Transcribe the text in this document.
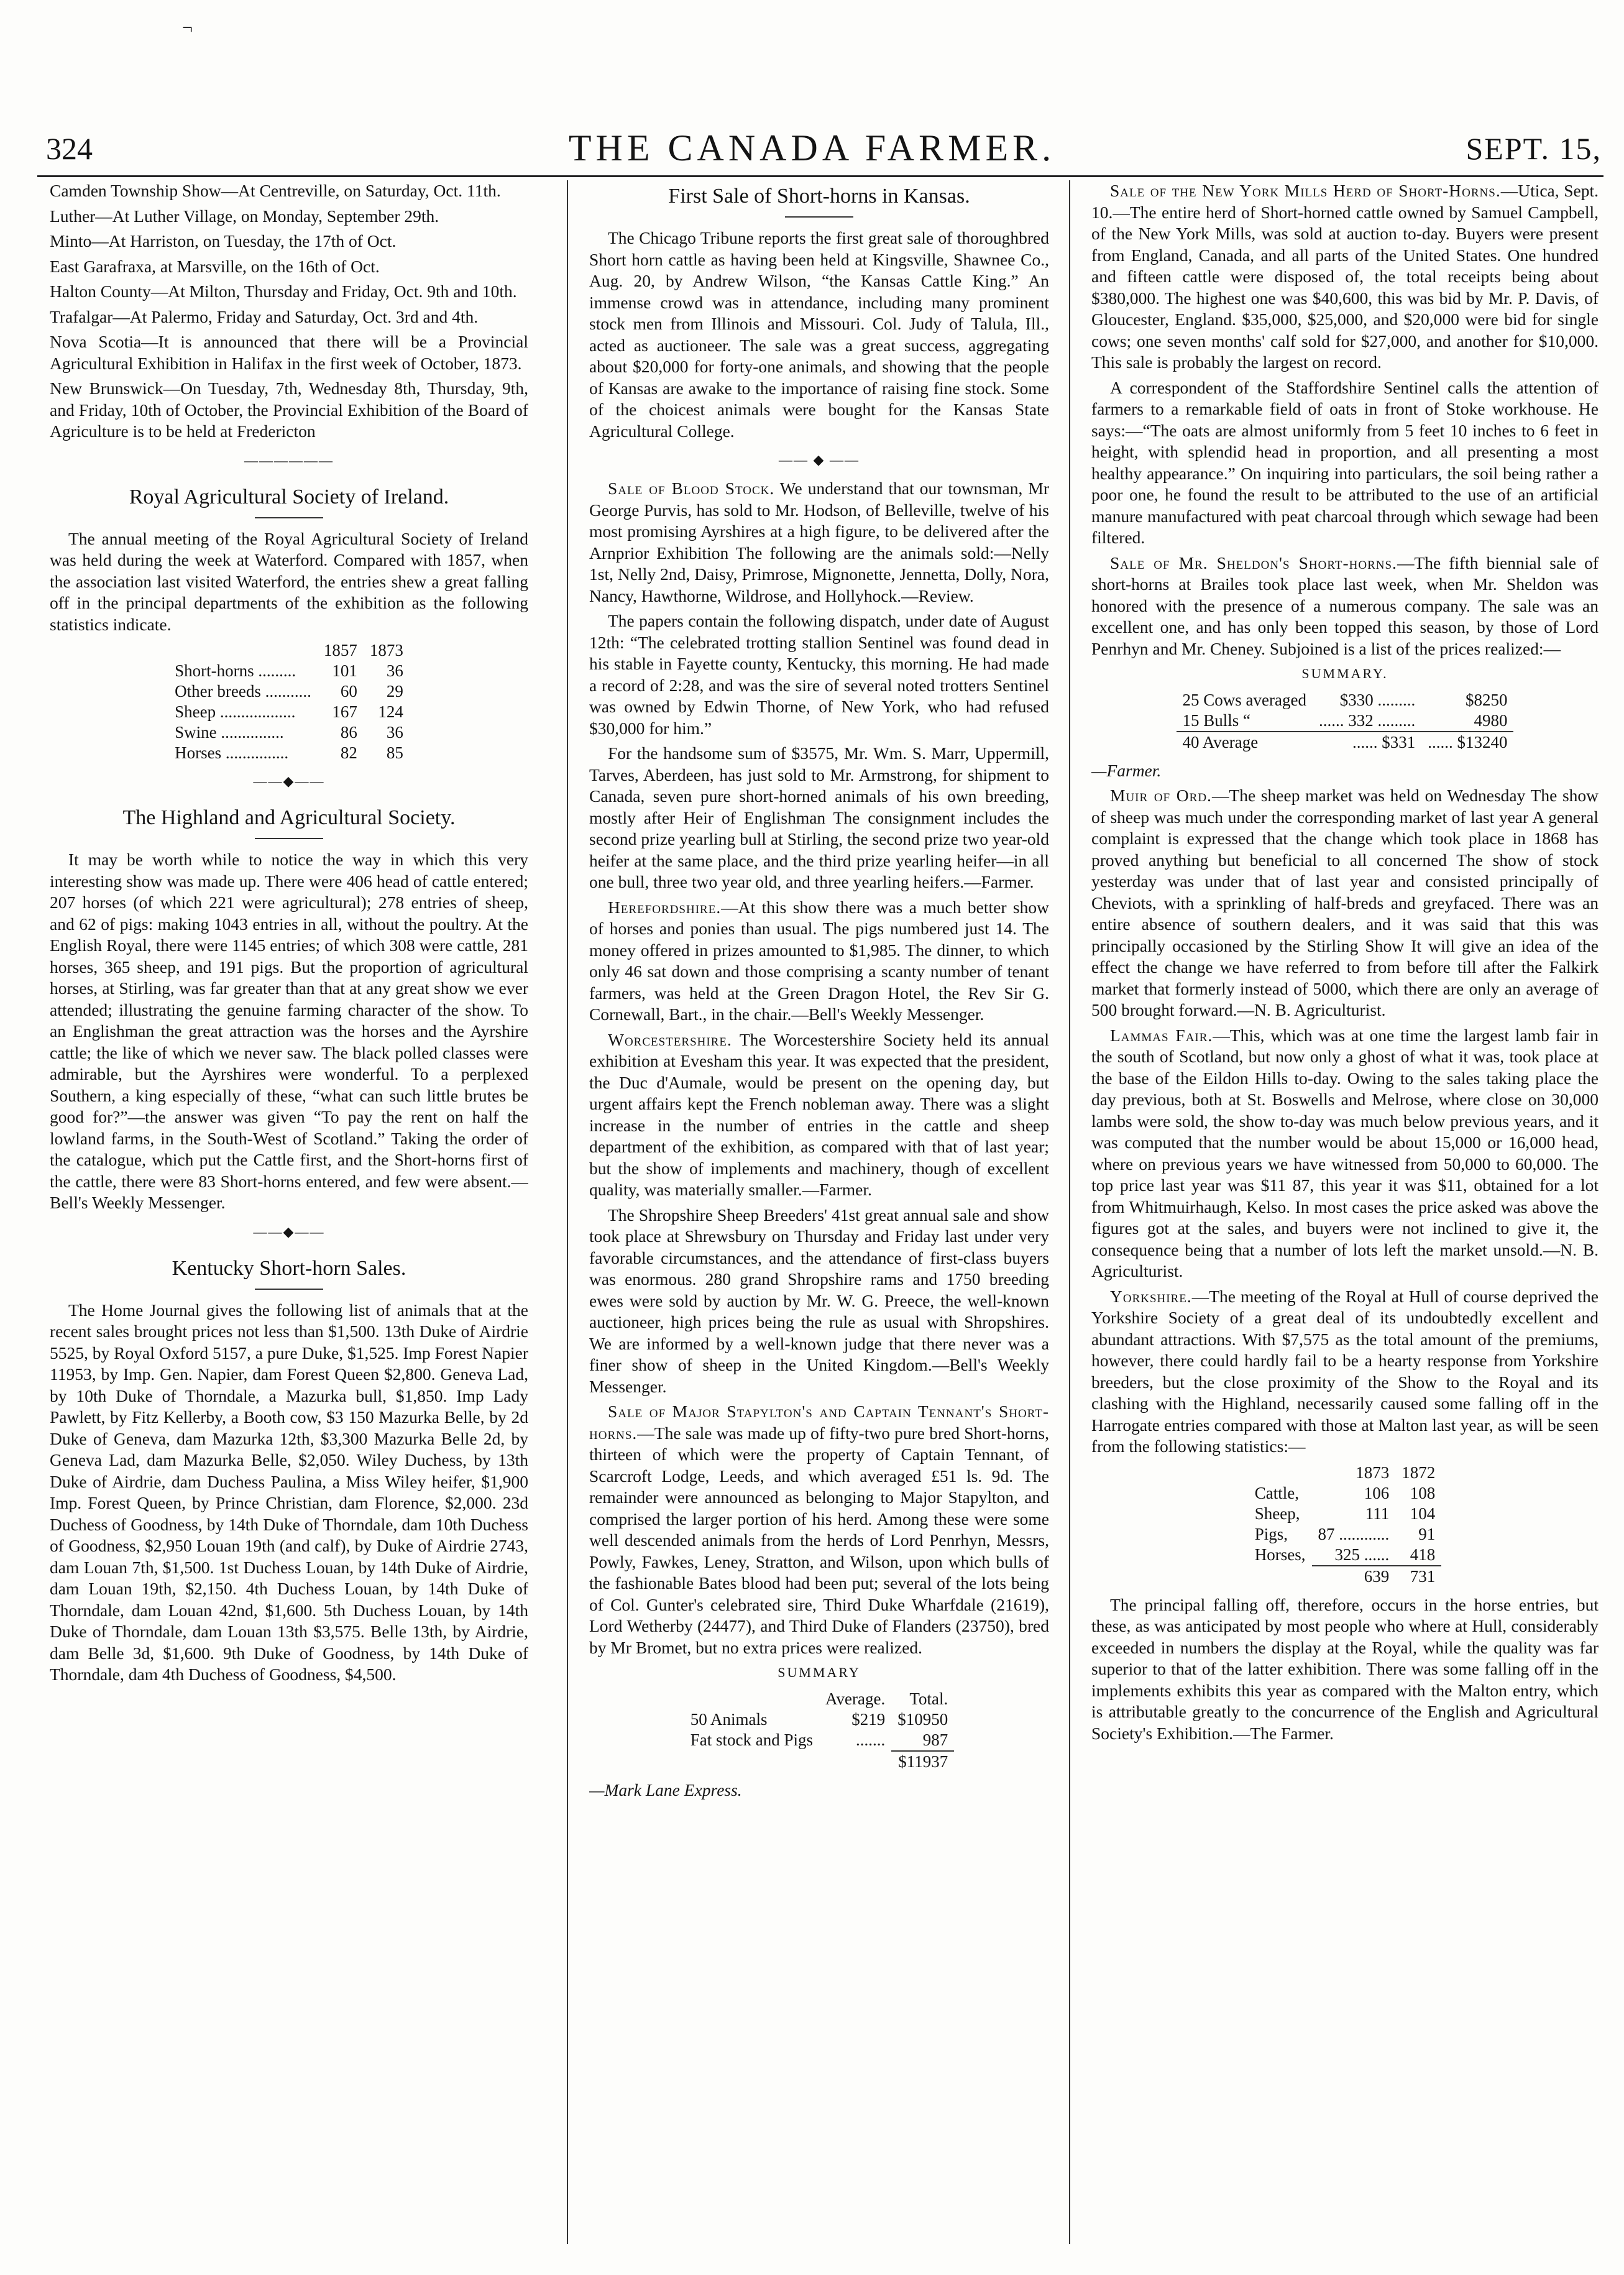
¬
324	THE CANADA FARMER.	SEPT. 15,

Camden Township Show—At Centreville, on Saturday, Oct. 11th.

Luther—At Luther Village, on Monday, September 29th.

Minto—At Harriston, on Tuesday, the 17th of Oct.

East Garafraxa, at Marsville, on the 16th of Oct.

Halton County—At Milton, Thursday and Friday, Oct. 9th and 10th.

Trafalgar—At Palermo, Friday and Saturday, Oct. 3rd and 4th.

Nova Scotia—It is announced that there will be a Provincial Agricultural Exhibition in Halifax in the first week of October, 1873.

New Brunswick—On Tuesday, 7th, Wednesday 8th, Thursday, 9th, and Friday, 10th of October, the Provincial Exhibition of the Board of Agriculture is to be held at Fredericton

——————
Royal Agricultural Society of Ireland.

The annual meeting of the Royal Agricultural Society of Ireland was held during the week at Waterford. Compared with 1857, when the association last visited Waterford, the entries shew a great falling off in the principal departments of the exhibition as the following statistics indicate.

	1857	1873
Short-horns .........	101	36
Other breeds ...........	60	29
Sheep ..................	167	124
Swine ...............	86	36
Horses ...............	82	85
——◆——
The Highland and Agricultural Society.

It may be worth while to notice the way in which this very interesting show was made up. There were 406 head of cattle entered; 207 horses (of which 221 were agricultural); 278 entries of sheep, and 62 of pigs: making 1043 entries in all, without the poultry. At the English Royal, there were 1145 entries; of which 308 were cattle, 281 horses, 365 sheep, and 191 pigs. But the proportion of agricultural horses, at Stirling, was far greater than that at any great show we ever attended; illustrating the genuine farming character of the show. To an Englishman the great attraction was the horses and the Ayrshire cattle; the like of which we never saw. The black polled classes were admirable, but the Ayrshires were wonderful. To a perplexed Southern, a king especially of these, “what can such little brutes be good for?”—the answer was given “To pay the rent on half the lowland farms, in the South-West of Scotland.” Taking the order of the catalogue, which put the Cattle first, and the Short-horns first of the cattle, there were 83 Short-horns entered, and few were absent.—Bell's Weekly Messenger.

——◆——
Kentucky Short-horn Sales.

The Home Journal gives the following list of animals that at the recent sales brought prices not less than $1,500. 13th Duke of Airdrie 5525, by Royal Oxford 5157, a pure Duke, $1,525. Imp Forest Napier 11953, by Imp. Gen. Napier, dam Forest Queen $2,800. Geneva Lad, by 10th Duke of Thorndale, a Mazurka bull, $1,850. Imp Lady Pawlett, by Fitz Kellerby, a Booth cow, $3 150 Mazurka Belle, by 2d Duke of Geneva, dam Mazurka 12th, $3,300 Mazurka Belle 2d, by Geneva Lad, dam Mazurka Belle, $2,050. Wiley Duchess, by 13th Duke of Airdrie, dam Duchess Paulina, a Miss Wiley heifer, $1,900 Imp. Forest Queen, by Prince Christian, dam Florence, $2,000. 23d Duchess of Goodness, by 14th Duke of Thorndale, dam 10th Duchess of Goodness, $2,950 Louan 19th (and calf), by Duke of Airdrie 2743, dam Louan 7th, $1,500. 1st Duchess Louan, by 14th Duke of Airdrie, dam Louan 19th, $2,150. 4th Duchess Louan, by 14th Duke of Thorndale, dam Louan 42nd, $1,600. 5th Duchess Louan, by 14th Duke of Thorndale, dam Louan 13th $3,575. Belle 13th, by Airdrie, dam Belle 3d, $1,600. 9th Duke of Goodness, by 14th Duke of Thorndale, dam 4th Duchess of Goodness, $4,500.

First Sale of Short-horns in Kansas.

The Chicago Tribune reports the first great sale of thoroughbred Short horn cattle as having been held at Kingsville, Shawnee Co., Aug. 20, by Andrew Wilson, “the Kansas Cattle King.” An immense crowd was in attendance, including many prominent stock men from Illinois and Missouri. Col. Judy of Talula, Ill., acted as auctioneer. The sale was a great success, aggregating about $20,000 for forty-one animals, and showing that the people of Kansas are awake to the importance of raising fine stock. Some of the choicest animals were bought for the Kansas State Agricultural College.

—— ◆ ——

Sale of Blood Stock. We understand that our townsman, Mr George Purvis, has sold to Mr. Hodson, of Belleville, twelve of his most promising Ayrshires at a high figure, to be delivered after the Arnprior Exhibition The following are the animals sold:—Nelly 1st, Nelly 2nd, Daisy, Primrose, Mignonette, Jennetta, Dolly, Nora, Nancy, Hawthorne, Wildrose, and Hollyhock.—Review.

The papers contain the following dispatch, under date of August 12th: “The celebrated trotting stallion Sentinel was found dead in his stable in Fayette county, Kentucky, this morning. He had made a record of 2:28, and was the sire of several noted trotters Sentinel was owned by Edwin Thorne, of New York, who had refused $30,000 for him.”

For the handsome sum of $3575, Mr. Wm. S. Marr, Uppermill, Tarves, Aberdeen, has just sold to Mr. Armstrong, for shipment to Canada, seven pure short-horned animals of his own breeding, mostly after Heir of Englishman The consignment includes the second prize yearling bull at Stirling, the second prize two year-old heifer at the same place, and the third prize yearling heifer—in all one bull, three two year old, and three yearling heifers.—Farmer.

Herefordshire.—At this show there was a much better show of horses and ponies than usual. The pigs numbered just 14. The money offered in prizes amounted to $1,985. The dinner, to which only 46 sat down and those comprising a scanty number of tenant farmers, was held at the Green Dragon Hotel, the Rev Sir G. Cornewall, Bart., in the chair.—Bell's Weekly Messenger.

Worcestershire. The Worcestershire Society held its annual exhibition at Evesham this year. It was expected that the president, the Duc d'Aumale, would be present on the opening day, but urgent affairs kept the French nobleman away. There was a slight increase in the number of entries in the cattle and sheep department of the exhibition, as compared with that of last year; but the show of implements and machinery, though of excellent quality, was materially smaller.—Farmer.

The Shropshire Sheep Breeders' 41st great annual sale and show took place at Shrewsbury on Thursday and Friday last under very favorable circumstances, and the attendance of first-class buyers was enormous. 280 grand Shropshire rams and 1750 breeding ewes were sold by auction by Mr. W. G. Preece, the well-known auctioneer, high prices being the rule as usual with Shropshires. We are informed by a well-known judge that there never was a finer show of sheep in the United Kingdom.—Bell's Weekly Messenger.

Sale of Major Stapylton's and Captain Tennant's Short-horns.—The sale was made up of fifty-two pure bred Short-horns, thirteen of which were the property of Captain Tennant, of Scarcroft Lodge, Leeds, and which averaged £51 ls. 9d. The remainder were announced as belonging to Major Stapylton, and comprised the larger portion of his herd. Among these were some well descended animals from the herds of Lord Penrhyn, Messrs, Powly, Fawkes, Leney, Stratton, and Wilson, upon which bulls of the fashionable Bates blood had been put; several of the lots being of Col. Gunter's celebrated sire, Third Duke Wharfdale (21619), Lord Wetherby (24477), and Third Duke of Flanders (23750), bred by Mr Bromet, but no extra prices were realized.

SUMMARY
	Average.	Total.
50 Animals	$219	$10950
Fat stock and Pigs	.......	987
		$11937

—Mark Lane Express.

Sale of the New York Mills Herd of Short-Horns.—Utica, Sept. 10.—The entire herd of Short-horned cattle owned by Samuel Campbell, of the New York Mills, was sold at auction to-day. Buyers were present from England, Canada, and all parts of the United States. One hundred and fifteen cattle were disposed of, the total receipts being about $380,000. The highest one was $40,600, this was bid by Mr. P. Davis, of Gloucester, England. $35,000, $25,000, and $20,000 were bid for single cows; one seven months' calf sold for $27,000, and another for $10,000. This sale is probably the largest on record.

A correspondent of the Staffordshire Sentinel calls the attention of farmers to a remarkable field of oats in front of Stoke workhouse. He says:—“The oats are almost uniformly from 5 feet 10 inches to 6 feet in height, with splendid head in proportion, and all presenting a most healthy appearance.” On inquiring into particulars, the soil being rather a poor one, he found the result to be attributed to the use of an artificial manure manufactured with peat charcoal through which sewage had been filtered.

Sale of Mr. Sheldon's Short-horns.—The fifth biennial sale of short-horns at Brailes took place last week, when Mr. Sheldon was honored with the presence of a numerous company. The sale was an excellent one, and has only been topped this season, by those of Lord Penrhyn and Mr. Cheney. Subjoined is a list of the prices realized:—

SUMMARY.
25 Cows averaged	$330 .........	$8250
15 Bulls “	...... 332 .........	4980
40 Average	...... $331	...... $13240

—Farmer.

Muir of Ord.—The sheep market was held on Wednesday The show of sheep was much under the corresponding market of last year A general complaint is expressed that the change which took place in 1868 has proved anything but beneficial to all concerned The show of stock yesterday was under that of last year and consisted principally of Cheviots, with a sprinkling of half-breds and greyfaced. There was an entire absence of southern dealers, and it was said that this was principally occasioned by the Stirling Show It will give an idea of the effect the change we have referred to from before till after the Falkirk market that formerly instead of 5000, which there are only an average of 500 brought forward.—N. B. Agriculturist.

Lammas Fair.—This, which was at one time the largest lamb fair in the south of Scotland, but now only a ghost of what it was, took place at the base of the Eildon Hills to-day. Owing to the sales taking place the day previous, both at St. Boswells and Melrose, where close on 30,000 lambs were sold, the show to-day was much below previous years, and it was computed that the number would be about 15,000 or 16,000 head, where on previous years we have witnessed from 50,000 to 60,000. The top price last year was $11 87, this year it was $11, obtained for a lot from Whitmuirhaugh, Kelso. In most cases the price asked was above the figures got at the sales, and buyers were not inclined to give it, the consequence being that a number of lots left the market unsold.—N. B. Agriculturist.

Yorkshire.—The meeting of the Royal at Hull of course deprived the Yorkshire Society of a great deal of its undoubtedly excellent and abundant attractions. With $7,575 as the total amount of the premiums, however, there could hardly fail to be a hearty response from Yorkshire breeders, but the close proximity of the Show to the Royal and its clashing with the Highland, necessarily caused some falling off in the Harrogate entries compared with those at Malton last year, as will be seen from the following statistics:—

	1873	1872
Cattle,	106	108
Sheep,	111	104
Pigs,	87 ............	91
Horses,	325 ......	418
	639	731

The principal falling off, therefore, occurs in the horse entries, but these, as was anticipated by most people who where at Hull, considerably exceeded in numbers the display at the Royal, while the quality was far superior to that of the latter exhibition. There was some falling off in the implements exhibits this year as compared with the Malton entry, which is attributable greatly to the concurrence of the English and Agricultural Society's Exhibition.—The Farmer.
